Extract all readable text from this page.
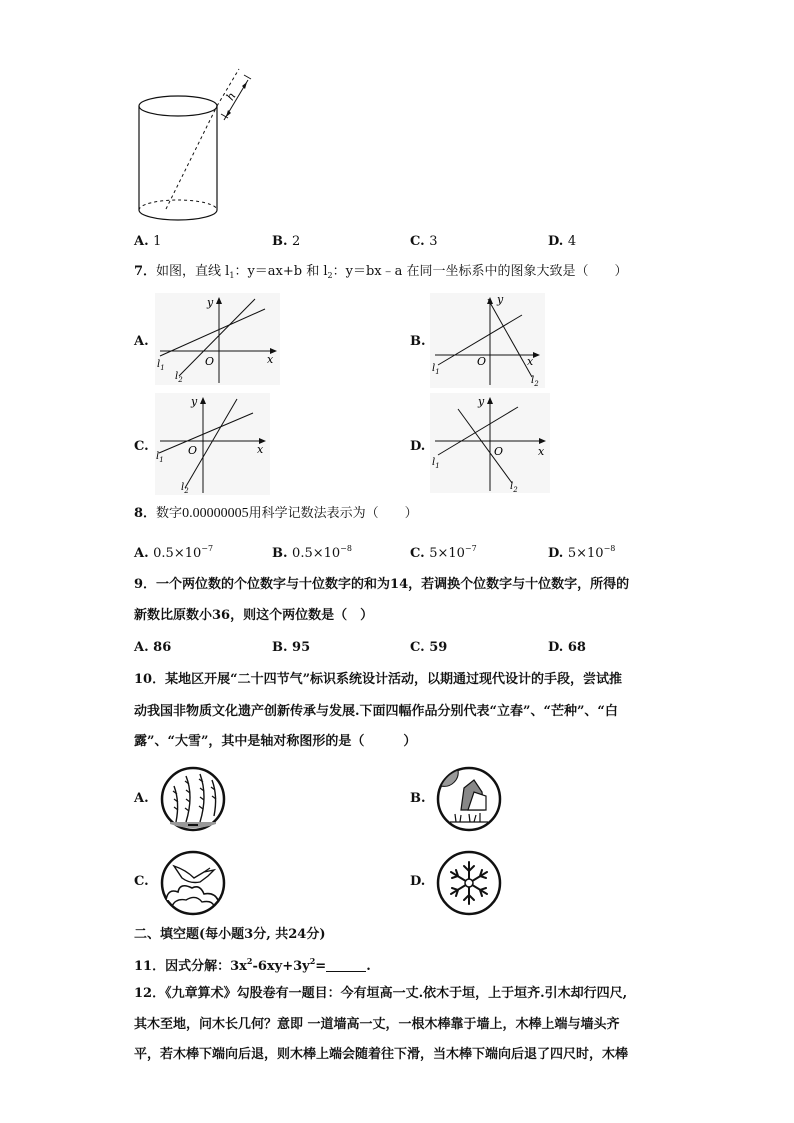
h
A. 1	B. 2	C. 3	D. 4
7．如图，直线 $l_1$：y＝ax+b 和 $l_2$：y＝bx﹣a 在同一坐标系中的图象大致是（　　）
A.	B.
C.	D.
y
x
O
$l_1$
$l_2$
y
x
O
$l_1$
$l_2$
y
x
O
$l_1$
$l_2$
y
x
O
$l_1$
$l_2$
8．数字0.00000005用科学记数法表示为（　　）
A. $0.5\times 10^{-7}$	B. $0.5\times 10^{-8}$	C. $5\times 10^{-7}$	D. $5\times 10^{-8}$
9．一个两位数的个位数字与十位数字的和为14，若调换个位数字与十位数字，所得的
新数比原数小36，则这个两位数是（　）
A. 86	B. 95	C. 59	D. 68
10．某地区开展“二十四节气”标识系统设计活动，以期通过现代设计的手段，尝试推
动我国非物质文化遗产创新传承与发展.下面四幅作品分别代表“立春”、“芒种”、“白
露”、“大雪”，其中是轴对称图形的是（　　　）
A.	B.
C.	D.
二、填空题(每小题3分, 共24分)
11．因式分解：$3x^2-6xy+3y^2=$	.
12．《九章算术》勾股卷有一题目：今有垣高一丈.依木于垣，上于垣齐.引木却行四尺,
其木至地，问木长几何？意即 一道墙高一丈，一根木棒靠于墙上，木棒上端与墙头齐
平，若木棒下端向后退，则木棒上端会随着往下滑，当木棒下端向后退了四尺时，木棒
